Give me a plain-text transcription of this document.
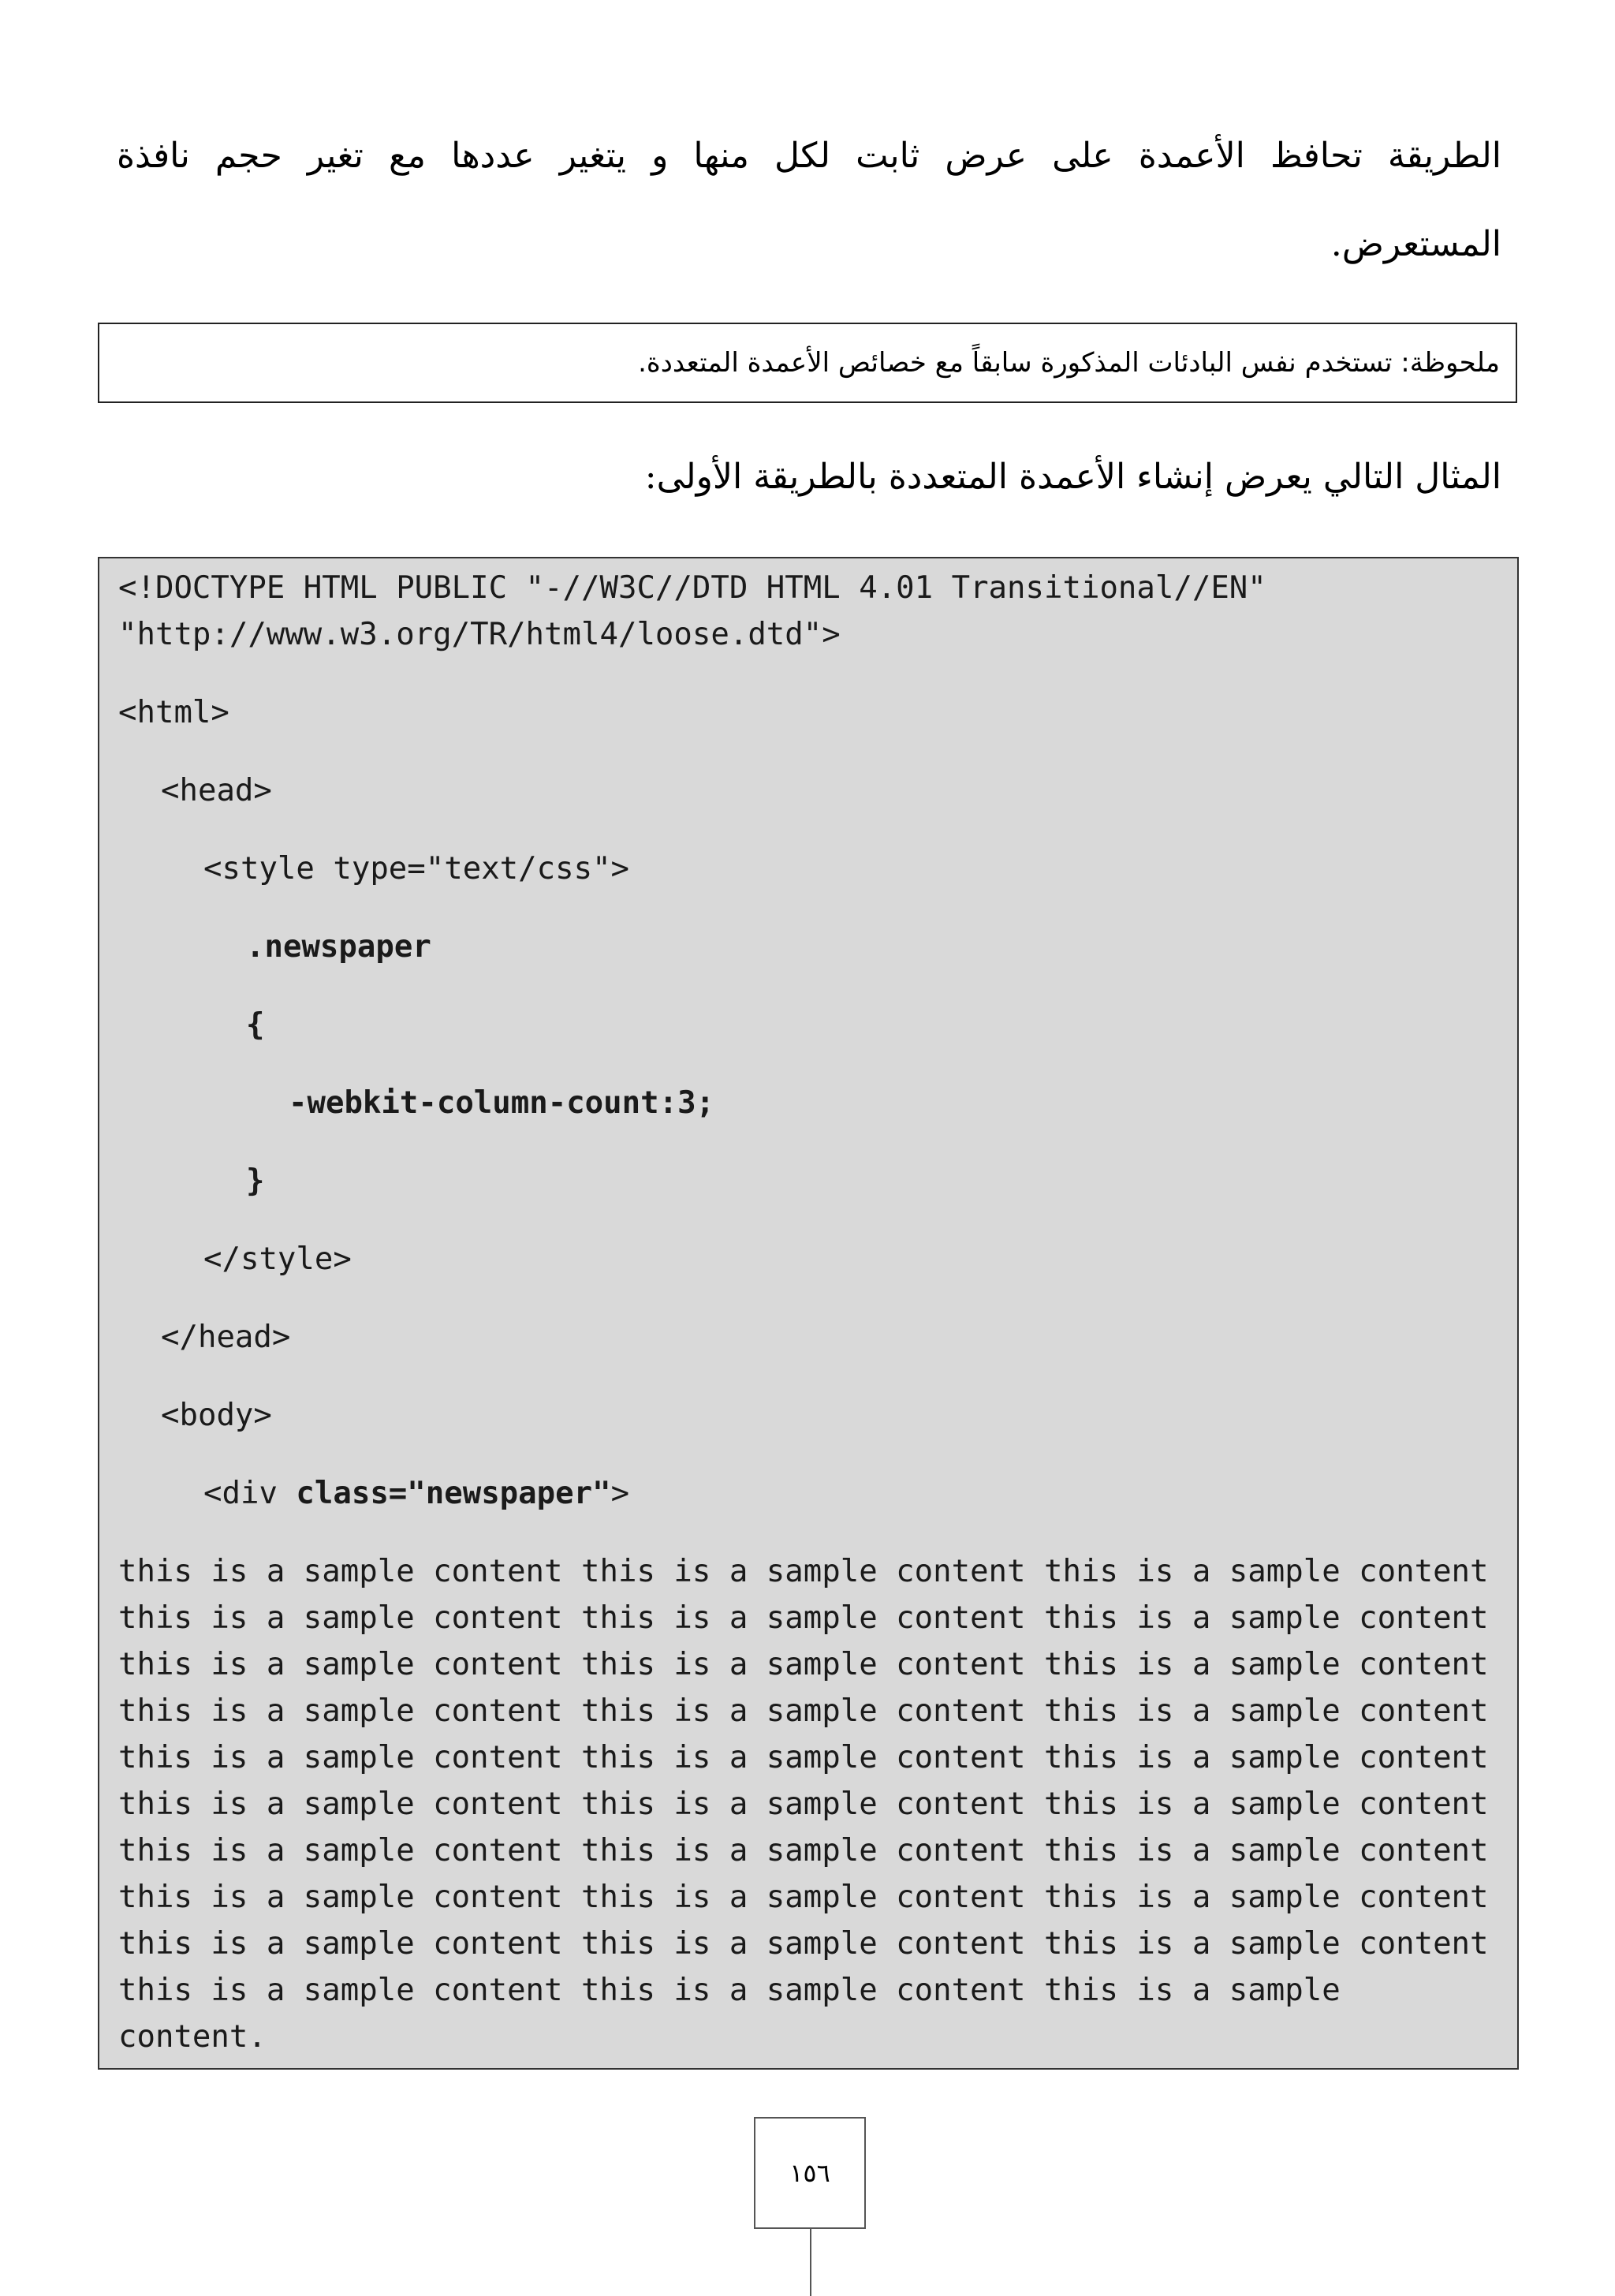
الطريقة تحافظ الأعمدة على عرض ثابت لكل منها و يتغير عددها مع تغير حجم نافذة
المستعرض.
ملحوظة: تستخدم نفس البادئات المذكورة سابقاً مع خصائص الأعمدة المتعددة.
المثال التالي يعرض إنشاء الأعمدة المتعددة بالطريقة الأولى:
<!DOCTYPE HTML PUBLIC "-//W3C//DTD HTML 4.01 Transitional//EN"
"http://www.w3.org/TR/html4/loose.dtd">
<html>
<head>
<style type="text/css">
.newspaper
{
-webkit-column-count:3;
}
</style>
</head>
<body>
<div class="newspaper">
this is a sample content this is a sample content this is a sample content this is a sample content this is a sample content this is a sample content this is a sample content this is a sample content this is a sample content this is a sample content this is a sample content this is a sample content this is a sample content this is a sample content this is a sample content this is a sample content this is a sample content this is a sample content this is a sample content this is a sample content this is a sample content this is a sample content this is a sample content this is a sample content this is a sample content this is a sample content this is a sample content this is a sample content this is a sample content this is a sample content.
١٥٦
